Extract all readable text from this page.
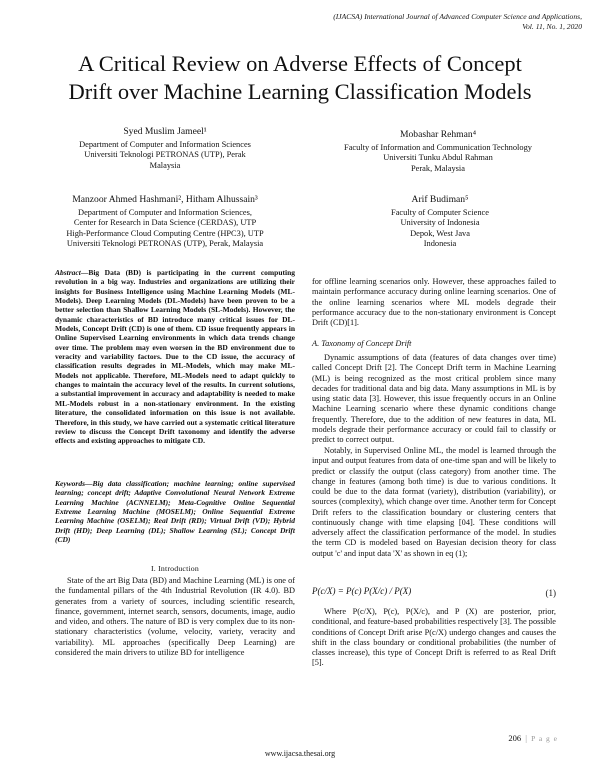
(IJACSA) International Journal of Advanced Computer Science and Applications,
Vol. 11, No. 1, 2020
A Critical Review on Adverse Effects of Concept
Drift over Machine Learning Classification Models
Syed Muslim Jameel¹
Department of Computer and Information Sciences
Universiti Teknologi PETRONAS (UTP), Perak
Malaysia
Mobashar Rehman⁴
Faculty of Information and Communication Technology
Universiti Tunku Abdul Rahman
Perak, Malaysia
Manzoor Ahmed Hashmani², Hitham Alhussain³
Department of Computer and Information Sciences,
Center for Research in Data Science (CERDAS), UTP
High-Performance Cloud Computing Centre (HPC3), UTP
Universiti Teknologi PETRONAS (UTP), Perak, Malaysia
Arif Budiman⁵
Faculty of Computer Science
University of Indonesia
Depok, West Java
Indonesia
Abstract—Big Data (BD) is participating in the current computing revolution in a big way. Industries and organizations are utilizing their insights for Business Intelligence using Machine Learning Models (ML-Models). Deep Learning Models (DL-Models) have been proven to be a better selection than Shallow Learning Models (SL-Models). However, the dynamic characteristics of BD introduce many critical issues for DL-Models, Concept Drift (CD) is one of them. CD issue frequently appears in Online Supervised Learning environments in which data trends change over time. The problem may even worsen in the BD environment due to veracity and variability factors. Due to the CD issue, the accuracy of classification results degrades in ML-Models, which may make ML-Models not applicable. Therefore, ML-Models need to adapt quickly to changes to maintain the accuracy level of the results. In current solutions, a substantial improvement in accuracy and adaptability is needed to make ML-Models robust in a non-stationary environment. In the existing literature, the consolidated information on this issue is not available. Therefore, in this study, we have carried out a systematic critical literature review to discuss the Concept Drift taxonomy and identify the adverse effects and existing approaches to mitigate CD.
Keywords—Big data classification; machine learning; online supervised learning; concept drift; Adaptive Convolutional Neural Network Extreme Learning Machine (ACNNELM); Meta-Cognitive Online Sequential Extreme Learning Machine (MOSELM); Online Sequential Extreme Learning Machine (OSELM); Real Drift (RD); Virtual Drift (VD); Hybrid Drift (HD); Deep Learning (DL); Shallow Learning (SL); Concept Drift (CD)
I. Introduction

State of the art Big Data (BD) and Machine Learning (ML) is one of the fundamental pillars of the 4th Industrial Revolution (IR 4.0). BD generates from a variety of sources, including scientific research, finance, government, internet search, sensors, documents, image, audio and video, and others. The nature of BD is very complex due to its non-stationary characteristics (volume, velocity, variety, veracity and variability). ML approaches (specifically Deep Learning) are considered the main drivers to utilize BD for intelligence

for offline learning scenarios only. However, these approaches failed to maintain performance accuracy during online learning scenarios. One of the online learning scenarios where ML models degrade their performance accuracy due to the non-stationary environment is Concept Drift (CD)[1].

A. Taxonomy of Concept Drift

Dynamic assumptions of data (features of data changes over time) called Concept Drift [2]. The Concept Drift term in Machine Learning (ML) is being recognized as the most critical problem since many decades for traditional data and big data. Many assumptions in ML is by using static data [3]. However, this issue frequently occurs in an Online Machine Learning scenario where these dynamic conditions change frequently. Therefore, due to the addition of new features in data, ML models degrade their performance accuracy or could fail to classify or predict to correct output.

Notably, in Supervised Online ML, the model is learned through the input and output features from data of one-time span and will be likely to predict or classify the output (class category) from another time. The change in features (among both time) is due to various conditions. It could be due to the data format (variety), distribution (variability), or sources (complexity), which change over time. Another term for Concept Drift refers to the classification boundary or clustering centers that continuously change with time elapsing [04]. These conditions will adversely affect the classification performance of the model. In studies the term CD is modeled based on Bayesian decision theory for class output 'c' and input data 'X' as shown in eq (1);

P(c/X) = P(c) P(X/c) / P(X)	(1)

Where P(c/X), P(c), P(X/c), and P (X) are posterior, prior, conditional, and feature-based probabilities respectively [3]. The possible conditions of Concept Drift arise P(c/X) undergo changes and causes the shift in the class boundary or conditional probabilities (the number of classes increase), this type of Concept Drift is referred to as Real Drift [5].

206 | P a g e
www.ijacsa.thesai.org
